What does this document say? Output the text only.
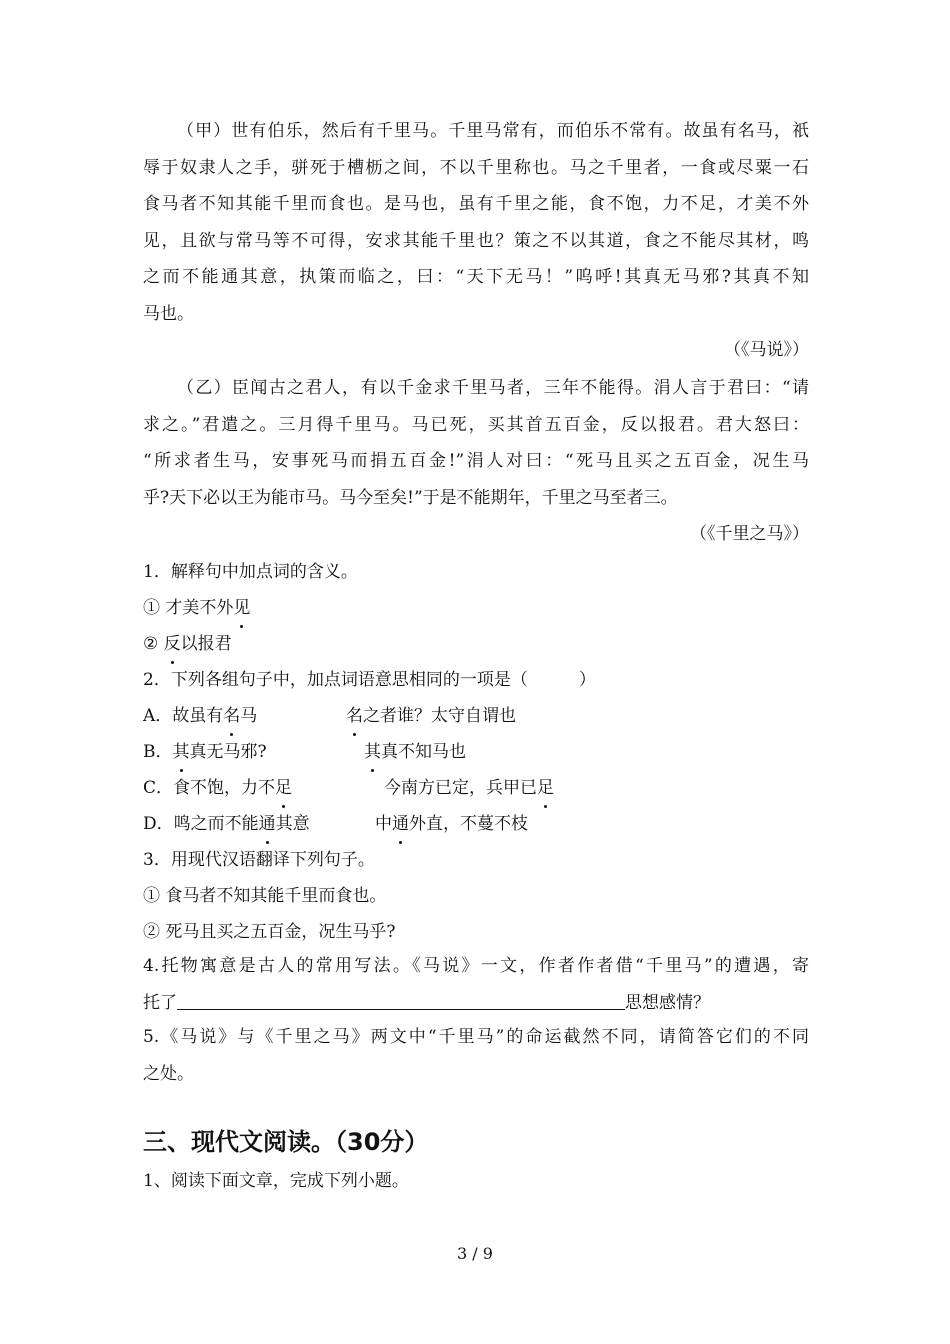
（甲）世有伯乐，然后有千里马。千里马常有，而伯乐不常有。故虽有名马，祇
辱于奴隶人之手，骈死于槽枥之间，不以千里称也。马之千里者，一食或尽粟一石
食马者不知其能千里而食也。是马也，虽有千里之能，食不饱，力不足，才美不外
见，且欲与常马等不可得，安求其能千里也？策之不以其道，食之不能尽其材，鸣
之而不能通其意，执策而临之，曰：“天下无马！”呜呼!其真无马邪?其真不知
马也。
（《马说》）
（乙）臣闻古之君人，有以千金求千里马者，三年不能得。涓人言于君曰：“请
求之。”君遣之。三月得千里马。马已死，买其首五百金，反以报君。君大怒曰：
“所求者生马，安事死马而捐五百金!”涓人对曰：“死马且买之五百金，况生马
乎?天下必以王为能市马。马今至矣!”于是不能期年，千里之马至者三。
（《千里之马》）
1．解释句中加点词的含义。
① 才美不外见
② 反以报君
2．下列各组句子中，加点词语意思相同的一项是（　　　）
A．故虽有名马	名之者谁？太守自谓也
B．其真无马邪?	其真不知马也
C．食不饱，力不足	今南方已定，兵甲已足
D．鸣之而不能通其意	中通外直，不蔓不枝
3．用现代汉语翻译下列句子。
① 食马者不知其能千里而食也。
② 死马且买之五百金，况生马乎?
4.托物寓意是古人的常用写法。《马说》一文，作者作者借“千里马”的遭遇，寄
托了	思想感情？
5.《马说》与《千里之马》两文中“千里马”的命运截然不同，请简答它们的不同
之处。
三、现代文阅读。（30分）
1、阅读下面文章，完成下列小题。
3 / 9
